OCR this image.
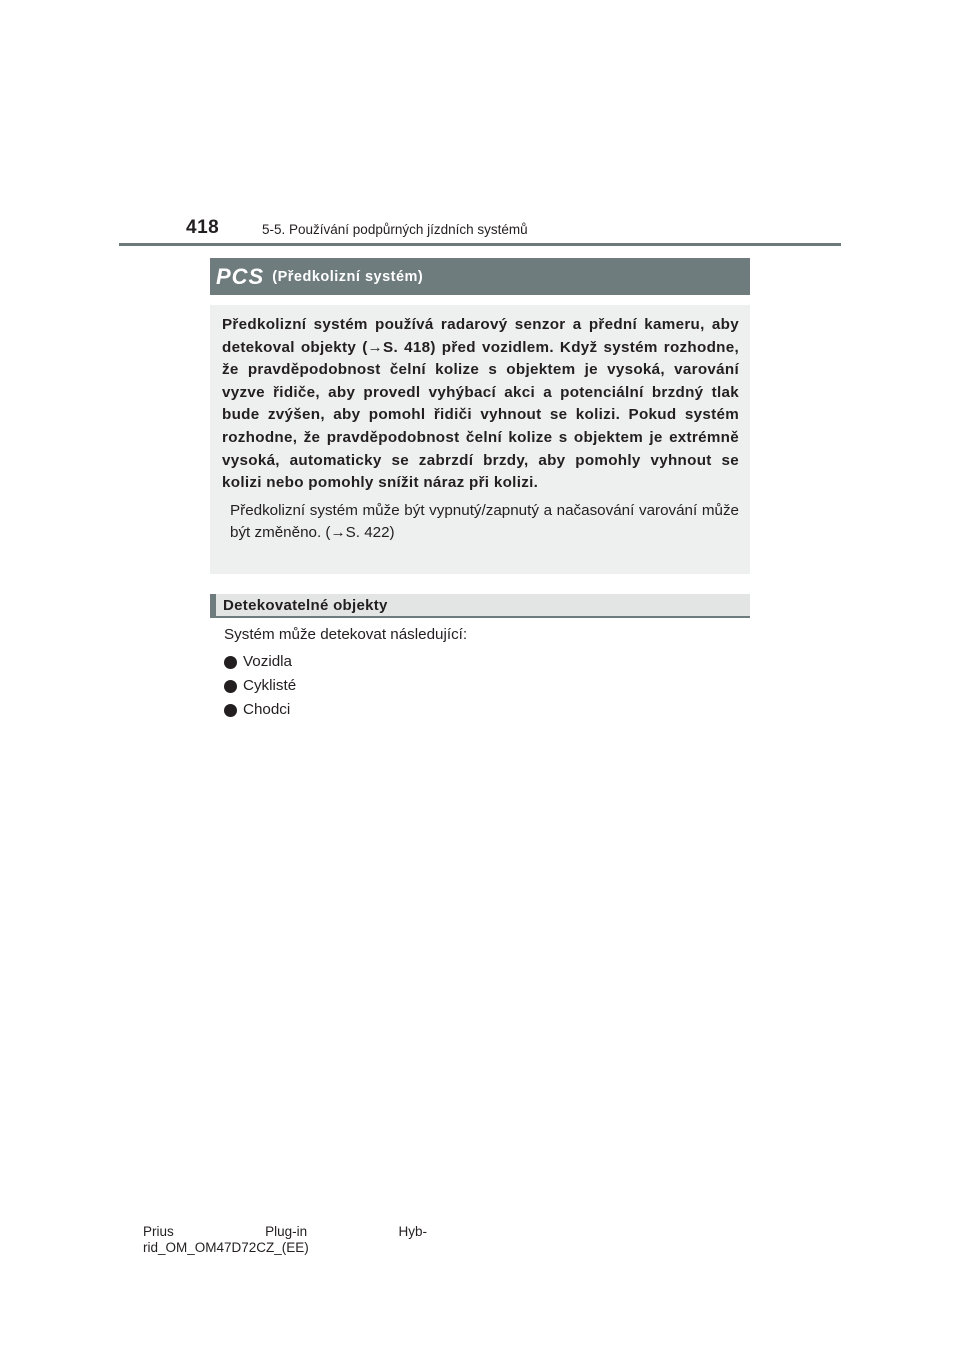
418	5-5. Používání podpůrných jízdních systémů
PCS (Předkolizní systém)

Předkolizní systém používá radarový senzor a přední kameru, aby detekoval objekty (→S. 418) před vozidlem. Když systém rozhodne, že pravděpodobnost čelní kolize s objektem je vysoká, varování vyzve řidiče, aby provedl vyhýbací akci a potenciální brzdný tlak bude zvýšen, aby pomohl řidiči vyhnout se kolizi. Pokud systém rozhodne, že pravděpodobnost čelní kolize s objektem je extrémně vysoká, automaticky se zabrzdí brzdy, aby pomohly vyhnout se kolizi nebo pomohly snížit náraz při kolizi.

Předkolizní systém může být vypnutý/zapnutý a načasování varování může být změněno. (→S. 422)

Detekovatelné objekty
Systém může detekovat následující:
Vozidla
Cyklisté
Chodci
Prius	Plug-in	Hyb-
rid_OM_OM47D72CZ_(EE)
